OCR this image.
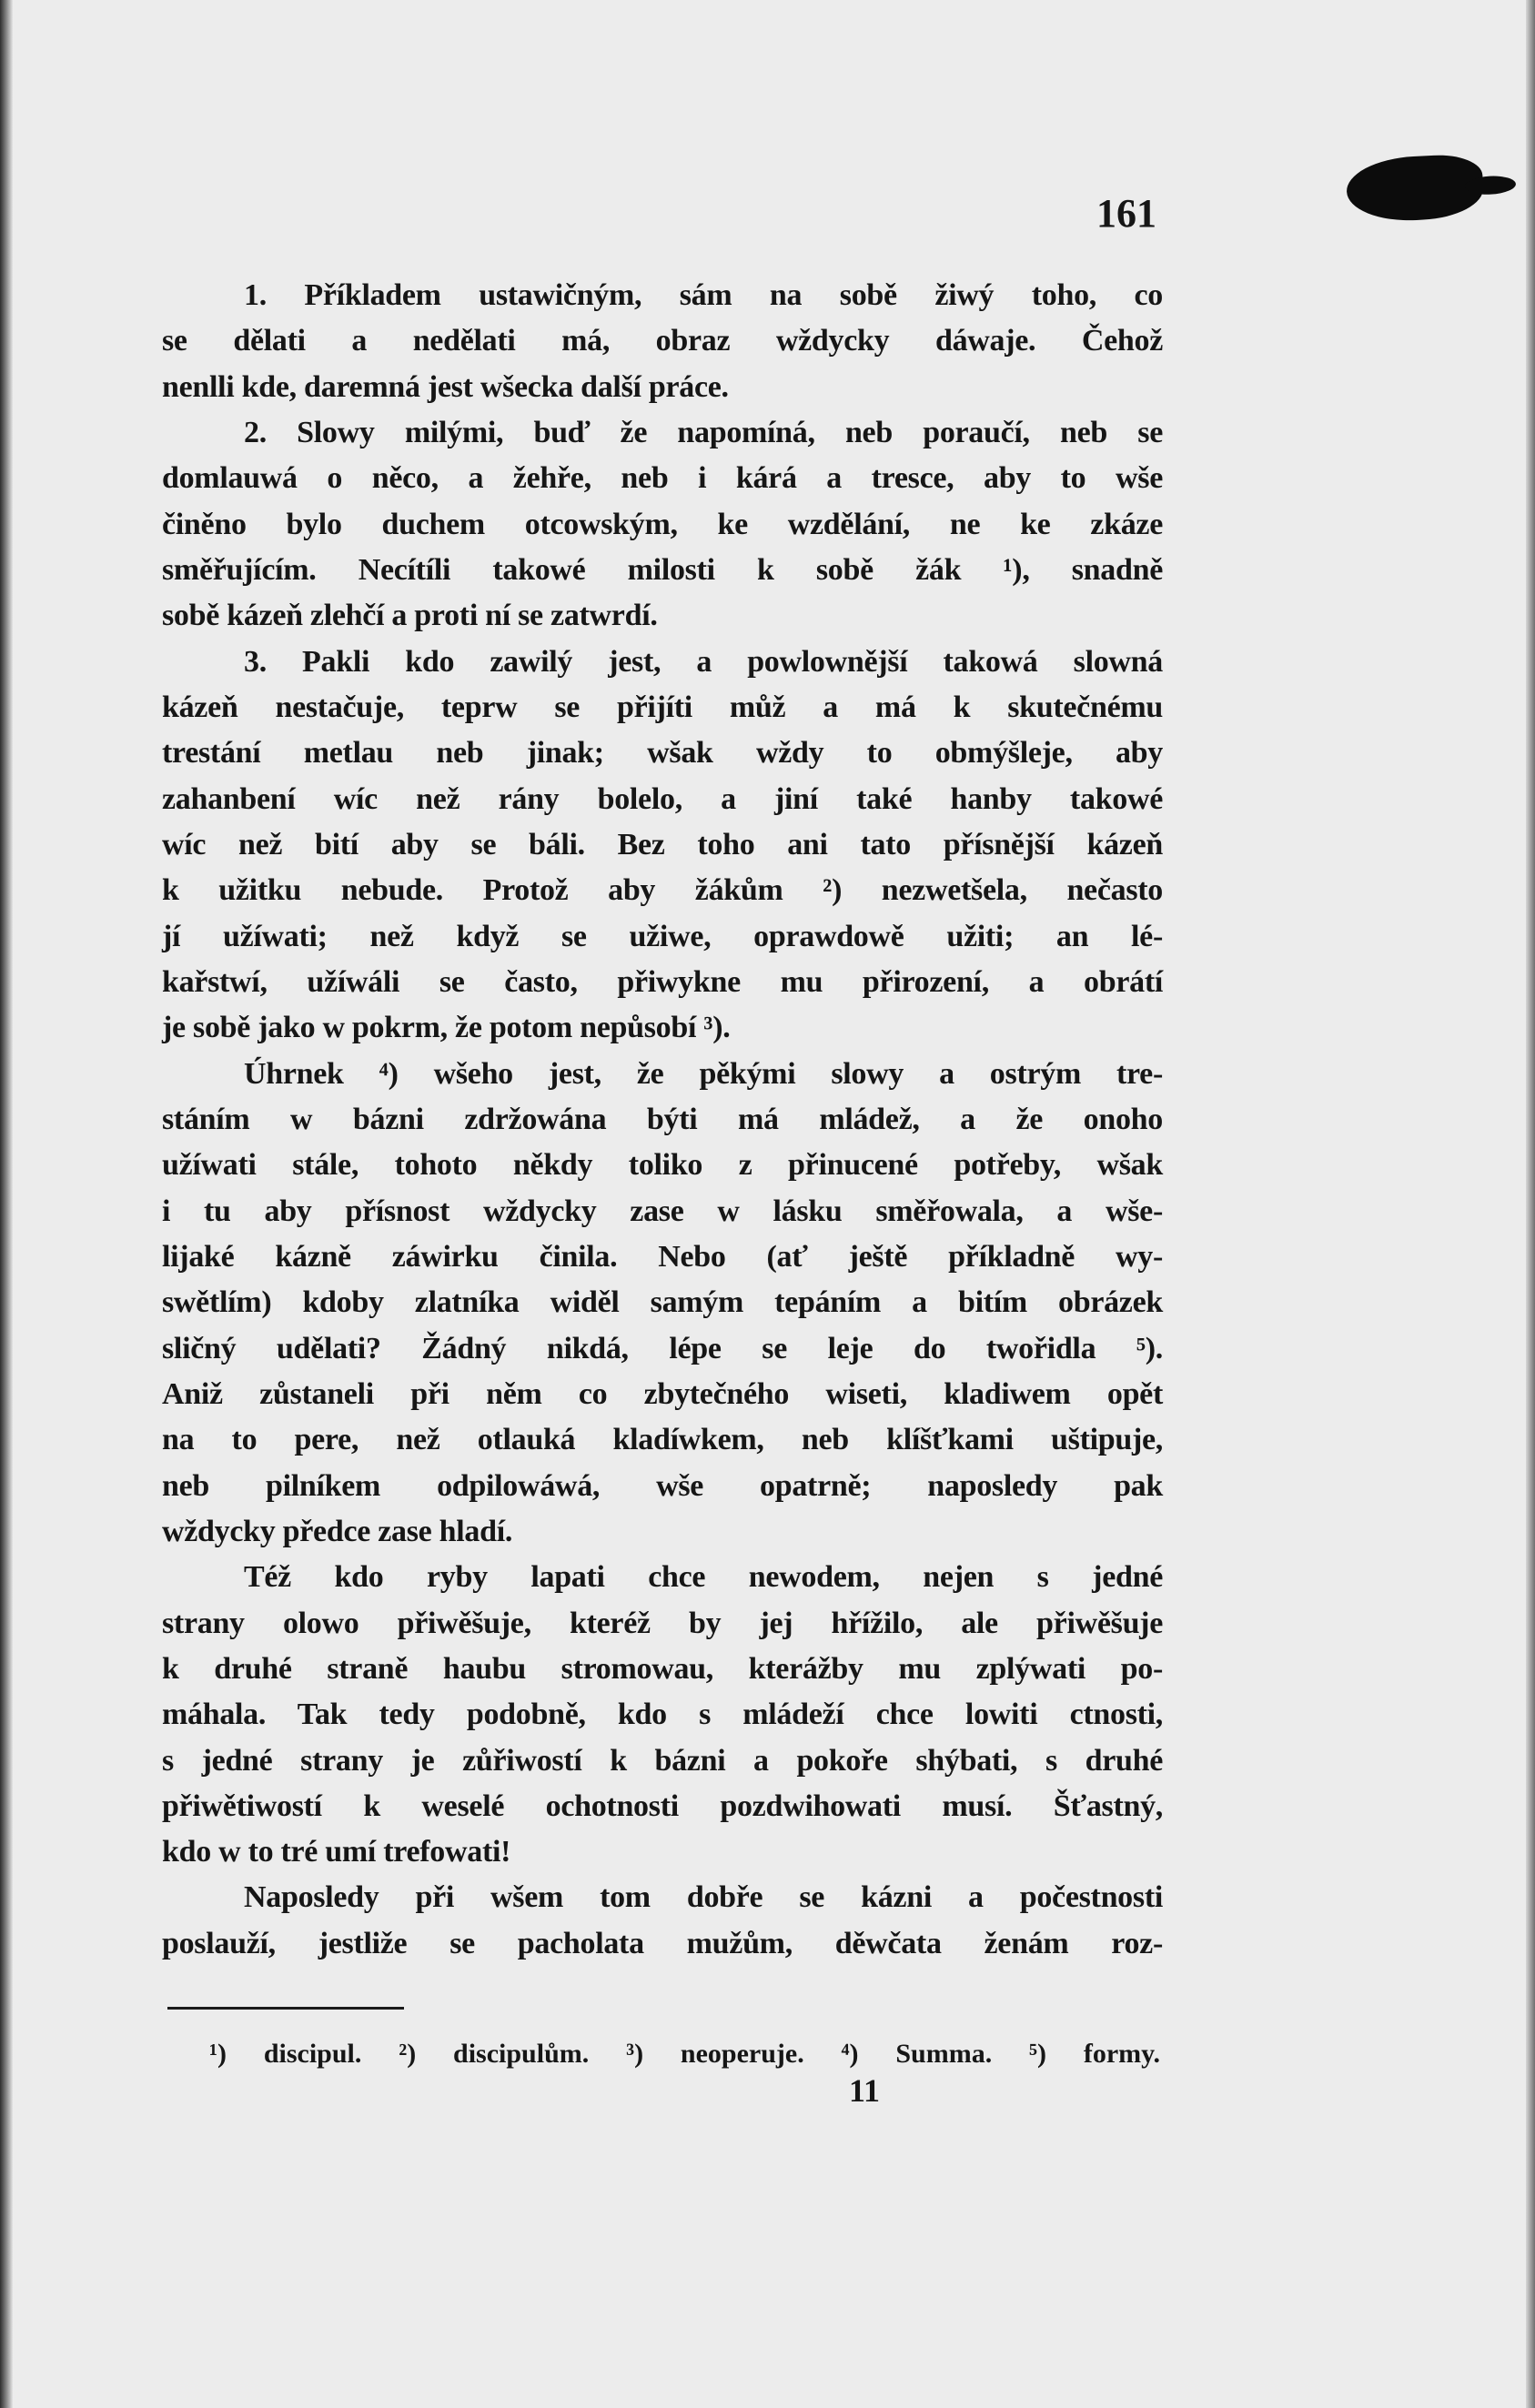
161
1. Příkladem ustawičným, sám na sobě žiwý toho, co
se dělati a nedělati má, obraz wždycky dáwaje. Čehož
nenlli kde, daremná jest wšecka další práce.
2. Slowy milými, buď že napomíná, neb poraučí, neb se
domlauwá o něco, a žehře, neb i kárá a tresce, aby to wše
činěno bylo duchem otcowským, ke wzdělání, ne ke zkáze
směřujícím. Necítíli takowé milosti k sobě žák ¹), snadně
sobě kázeň zlehčí a proti ní se zatwrdí.
3. Pakli kdo zawilý jest, a powlownější takowá slowná
kázeň nestačuje, teprw se přijíti můž a má k skutečnému
trestání metlau neb jinak; wšak wždy to obmýšleje, aby
zahanbení wíc než rány bolelo, a jiní také hanby takowé
wíc než bití aby se báli. Bez toho ani tato přísnější kázeň
k užitku nebude. Protož aby žákům ²) nezwetšela, nečasto
jí užíwati; než když se užiwe, oprawdowě užiti; an lé-
kařstwí, užíwáli se často, přiwykne mu přirození, a obrátí
je sobě jako w pokrm, že potom nepůsobí ³).
Úhrnek ⁴) wšeho jest, že pěkými slowy a ostrým tre-
stáním w bázni zdržowána býti má mládež, a že onoho
užíwati stále, tohoto někdy toliko z přinucené potřeby, wšak
i tu aby přísnost wždycky zase w lásku směřowala, a wše-
lijaké kázně záwirku činila. Nebo (ať ještě příkladně wy-
swětlím) kdoby zlatníka widěl samým tepáním a bitím obrázek
sličný udělati? Žádný nikdá, lépe se leje do twořidla ⁵).
Aniž zůstaneli při něm co zbytečného wiseti, kladiwem opět
na to pere, než otlauká kladíwkem, neb klíšťkami uštipuje,
neb pilníkem odpilowáwá, wše opatrně; naposledy pak
wždycky předce zase hladí.
Též kdo ryby lapati chce newodem, nejen s jedné
strany olowo přiwěšuje, kteréž by jej hřížilo, ale přiwěšuje
k druhé straně haubu stromowau, kterážby mu zplýwati po-
máhala. Tak tedy podobně, kdo s mládeží chce lowiti ctnosti,
s jedné strany je zůřiwostí k bázni a pokoře shýbati, s druhé
přiwětiwostí k weselé ochotnosti pozdwihowati musí. Šťastný,
kdo w to tré umí trefowati!
Naposledy při wšem tom dobře se kázni a počestnosti
poslauží, jestliže se pacholata mužům, děwčata ženám roz-
¹) discipul. ²) discipulům. ³) neoperuje. ⁴) Summa. ⁵) formy.
11
